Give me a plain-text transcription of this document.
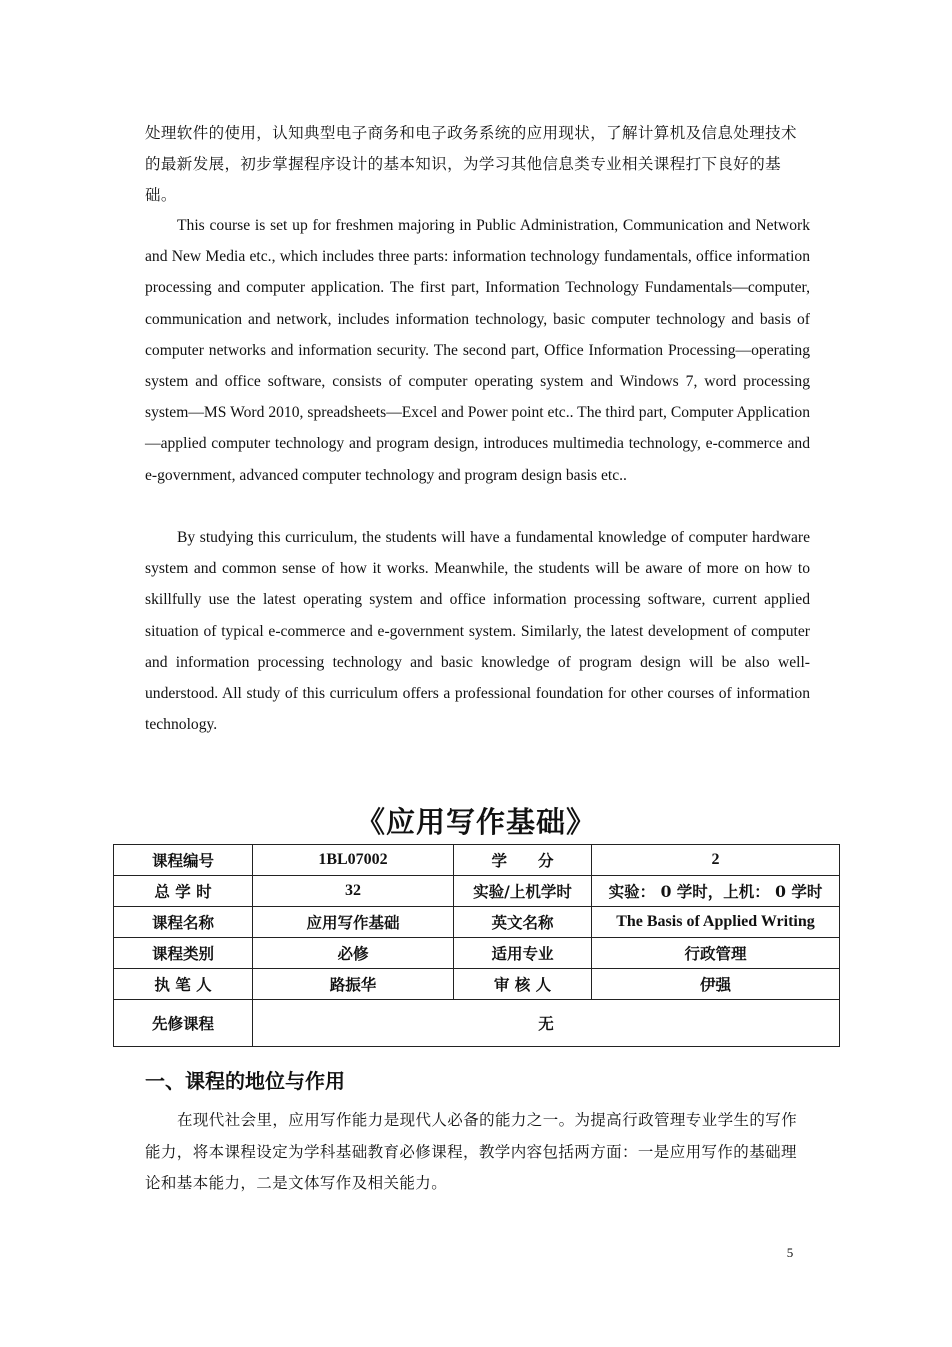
处理软件的使用，认知典型电子商务和电子政务系统的应用现状，了解计算机及信息处理技术的最新发展，初步掌握程序设计的基本知识，为学习其他信息类专业相关课程打下良好的基础。

This course is set up for freshmen majoring in Public Administration, Communication and Network and New Media etc., which includes three parts: information technology fundamentals, office information processing and computer application. The first part, Information Technology Fundamentals—computer, communication and network, includes information technology, basic computer technology and basis of computer networks and information security. The second part, Office Information Processing—operating system and office software, consists of computer operating system and Windows 7, word processing system—MS Word 2010, spreadsheets—Excel and Power point etc.. The third part, Computer Application—applied computer technology and program design, introduces multimedia technology, e-commerce and e-government, advanced computer technology and program design basis etc..

By studying this curriculum, the students will have a fundamental knowledge of computer hardware system and common sense of how it works. Meanwhile, the students will be aware of more on how to skillfully use the latest operating system and office information processing software, current applied situation of typical e-commerce and e-government system. Similarly, the latest development of computer and information processing technology and basic knowledge of program design will be also well- understood. All study of this curriculum offers a professional foundation for other courses of information technology.

《应用写作基础》
课程编号	1BL07002	学　　分	2
总 学 时	32	实验/上机学时	实验： 0 学时，上机： 0 学时
课程名称	应用写作基础	英文名称	The Basis of Applied Writing
课程类别	必修	适用专业	行政管理
执 笔 人	路振华	审 核 人	伊强
先修课程	无		
一、课程的地位与作用

在现代社会里，应用写作能力是现代人必备的能力之一。为提高行政管理专业学生的写作能力，将本课程设定为学科基础教育必修课程，教学内容包括两方面：一是应用写作的基础理论和基本能力，二是文体写作及相关能力。

5
